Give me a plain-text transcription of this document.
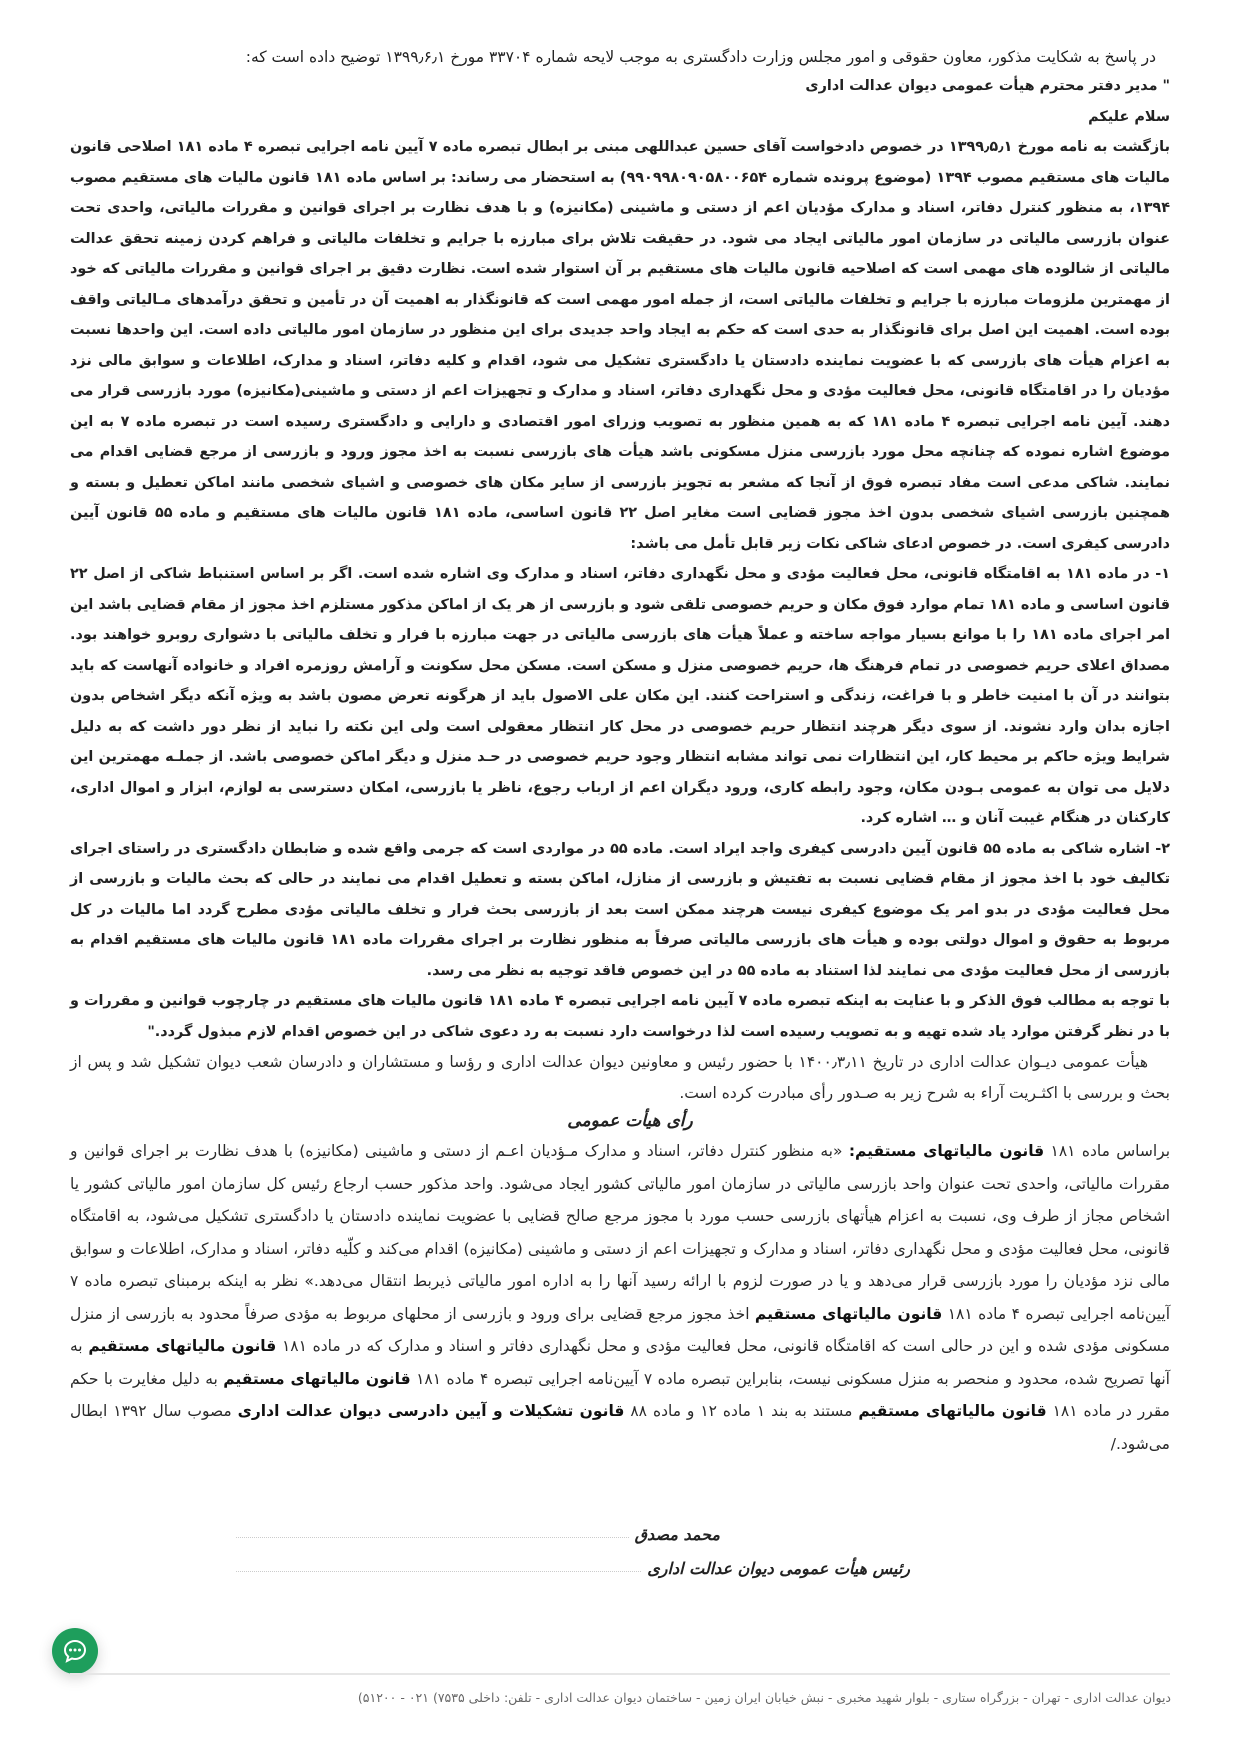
در پاسخ به شکایت مذکور، معاون حقوقی و امور مجلس وزارت دادگستری به موجب لایحه شماره ۳۳۷۰۴ مورخ ۱۳۹۹٫۶٫۱ توضیح داده است که:

" مدیر دفتر محترم هیأت عمومی دیوان عدالت اداری

سلام علیکم

بازگشت به نامه مورخ ۱۳۹۹٫۵٫۱ در خصوص دادخواست آقای حسین عبداللهی مبنی بر ابطال تبصره ماده ۷ آیین نامه اجرایی تبصره ۴ ماده ۱۸۱ اصلاحی قانون مالیات های مستقیم مصوب ۱۳۹۴ (موضوع پرونده شماره ۹۹۰۹۹۸۰۹۰۵۸۰۰۶۵۴) به استحضار می رساند: بر اساس ماده ۱۸۱ قانون مالیات های مستقیم مصوب ۱۳۹۴، به منظور کنترل دفاتر، اسناد و مدارک مؤدیان اعم از دستی و ماشینی (مکانیزه) و با هدف نظارت بر اجرای قوانین و مقررات مالیاتی، واحدی تحت عنوان بازرسی مالیاتی در سازمان امور مالیاتی ایجاد می شود. در حقیقت تلاش برای مبارزه با جرایم و تخلفات مالیاتی و فراهم کردن زمینه تحقق عدالت مالیاتی از شالوده های مهمی است که اصلاحیه قانون مالیات های مستقیم بر آن استوار شده است. نظارت دقیق بر اجرای قوانین و مقررات مالیاتی که خود از مهمترین ملزومات مبارزه با جرایم و تخلفات مالیاتی است، از جمله امور مهمی است که قانونگذار به اهمیت آن در تأمین و تحقق درآمدهای مـالیاتی واقف بوده است. اهمیت این اصل برای قانونگذار به حدی است که حکم به ایجاد واحد جدیدی برای این منظور در سازمان امور مالیاتی داده است. این واحدها نسبت به اعزام هیأت های بازرسی که با عضویت نماینده دادستان یا دادگستری تشکیل می شود، اقدام و کلیه دفاتر، اسناد و مدارک، اطلاعات و سوابق مالی نزد مؤدیان را در اقامتگاه قانونی، محل فعالیت مؤدی و محل نگهداری دفاتر، اسناد و مدارک و تجهیزات اعم از دستی و ماشینی(مکانیزه) مورد بازرسی قرار می دهند. آیین نامه اجرایی تبصره ۴ ماده ۱۸۱ که به همین منظور به تصویب وزرای امور اقتصادی و دارایی و دادگستری رسیده است در تبصره ماده ۷ به این موضوع اشاره نموده که چنانچه محل مورد بازرسی منزل مسکونی باشد هیأت های بازرسی نسبت به اخذ مجوز ورود و بازرسی از مرجع قضایی اقدام می نمایند. شاکی مدعی است مفاد تبصره فوق از آنجا که مشعر به تجویز بازرسی از سایر مکان های خصوصی و اشیای شخصی مانند اماکن تعطیل و بسته و همچنین بازرسی اشیای شخصی بدون اخذ مجوز قضایی است مغایر اصل ۲۲ قانون اساسی، ماده ۱۸۱ قانون مالیات های مستقیم و ماده ۵۵ قانون آیین دادرسی کیفری است. در خصوص ادعای شاکی نکات زیر قابل تأمل می باشد:

۱- در ماده ۱۸۱ به اقامتگاه قانونی، محل فعالیت مؤدی و محل نگهداری دفاتر، اسناد و مدارک وی اشاره شده است. اگر بر اساس استنباط شاکی از اصل ۲۲ قانون اساسی و ماده ۱۸۱ تمام موارد فوق مکان و حریم خصوصی تلقی شود و بازرسی از هر یک از اماکن مذکور مستلزم اخذ مجوز از مقام قضایی باشد این امر اجرای ماده ۱۸۱ را با موانع بسیار مواجه ساخته و عملاً هیأت های بازرسی مالیاتی در جهت مبارزه با فرار و تخلف مالیاتی با دشواری روبرو خواهند بود. مصداق اعلای حریم خصوصی در تمام فرهنگ ها، حریم خصوصی منزل و مسکن است. مسکن محل سکونت و آرامش روزمره افراد و خانواده آنهاست که باید بتوانند در آن با امنیت خاطر و با فراغت، زندگی و استراحت کنند. این مکان علی الاصول باید از هرگونه تعرض مصون باشد به ویژه آنکه دیگر اشخاص بدون اجازه بدان وارد نشوند. از سوی دیگر هرچند انتظار حریم خصوصی در محل کار انتظار معقولی است ولی این نکته را نباید از نظر دور داشت که به دلیل شرایط ویژه حاکم بر محیط کار، این انتظارات نمی تواند مشابه انتظار وجود حریم خصوصی در حـد منزل و دیگر اماکن خصوصی باشد. از جملـه مهمترین این دلایل می توان به عمومی بـودن مکان، وجود رابطه کاری، ورود دیگران اعم از ارباب رجوع، ناظر یا بازرسی، امکان دسترسی به لوازم، ابزار و اموال اداری، کارکنان در هنگام غیبت آنان و … اشاره کرد.

۲- اشاره شاکی به ماده ۵۵ قانون آیین دادرسی کیفری واجد ایراد است. ماده ۵۵ در مواردی است که جرمی واقع شده و ضابطان دادگستری در راستای اجرای تکالیف خود با اخذ مجوز از مقام قضایی نسبت به تفتیش و بازرسی از منازل، اماکن بسته و تعطیل اقدام می نمایند در حالی که بحث مالیات و بازرسی از محل فعالیت مؤدی در بدو امر یک موضوع کیفری نیست هرچند ممکن است بعد از بازرسی بحث فرار و تخلف مالیاتی مؤدی مطرح گردد اما مالیات در کل مربوط به حقوق و اموال دولتی بوده و هیأت های بازرسی مالیاتی صرفاً به منظور نظارت بر اجرای مقررات ماده ۱۸۱ قانون مالیات های مستقیم اقدام به بازرسی از محل فعالیت مؤدی می نمایند لذا استناد به ماده ۵۵ در این خصوص فاقد توجیه به نظر می رسد.

با توجه به مطالب فوق الذکر و با عنایت به اینکه تبصره ماده ۷ آیین نامه اجرایی تبصره ۴ ماده ۱۸۱ قانون مالیات های مستقیم در چارچوب قوانین و مقررات و با در نظر گرفتن موارد یاد شده تهیه و به تصویب رسیده است لذا درخواست دارد نسبت به رد دعوی شاکی در این خصوص اقدام لازم مبذول گردد."

هیأت عمومی دیـوان عدالت اداری در تاریخ ۱۴۰۰٫۳٫۱۱ با حضور رئیس و معاونین دیوان عدالت اداری و رؤسا و مستشاران و دادرسان شعب دیوان تشکیل شد و پس از بحث و بررسی با اکثـریت آراء به شرح زیر به صـدور رأی مبادرت کرده است.

رأی هیأت عمومی

براساس ماده ۱۸۱ قانون مالیاتهای مستقیم: «به منظور کنترل دفاتر، اسناد و مدارک مـؤدیان اعـم از دستی و ماشینی (مکانیزه) با هدف نظارت بر اجرای قوانین و مقررات مالیاتی، واحدی تحت عنوان واحد بازرسی مالیاتی در سازمان امور مالیاتی کشور ایجاد می‌شود. واحد مذکور حسب ارجاع رئیس کل سازمان امور مالیاتی کشور یا اشخاص مجاز از طرف وی، نسبت به اعزام هیأتهای بازرسی حسب مورد با مجوز مرجع صالح قضایی با عضویت نماینده دادستان یا دادگستری تشکیل می‌شود، به اقامتگاه قانونی، محل فعالیت مؤدی و محل نگهداری دفاتر، اسناد و مدارک و تجهیزات اعم از دستی و ماشینی (مکانیزه) اقدام می‌کند و کلّیه دفاتر، اسناد و مدارک، اطلاعات و سوابق مالی نزد مؤدیان را مورد بازرسی قرار می‌دهد و یا در صورت لزوم با ارائه رسید آنها را به اداره امور مالیاتی ذیربط انتقال می‌دهد.» نظر به اینکه برمبنای تبصره ماده ۷ آیین‌نامه اجرایی تبصره ۴ ماده ۱۸۱ قانون مالیاتهای مستقیم اخذ مجوز مرجع قضایی برای ورود و بازرسی از محلهای مربوط به مؤدی صرفاً محدود به بازرسی از منزل مسکونی مؤدی شده و این در حالی است که اقامتگاه قانونی، محل فعالیت مؤدی و محل نگهداری دفاتر و اسناد و مدارک که در ماده ۱۸۱ قانون مالیاتهای مستقیم به آنها تصریح شده، محدود و منحصر به منزل مسکونی نیست، بنابراین تبصره ماده ۷ آیین‌نامه اجرایی تبصره ۴ ماده ۱۸۱ قانون مالیاتهای مستقیم به دلیل مغایرت با حکم مقرر در ماده ۱۸۱ قانون مالیاتهای مستقیم مستند به بند ۱ ماده ۱۲ و ماده ۸۸ قانون تشکیلات و آیین دادرسی دیوان عدالت اداری مصوب سال ۱۳۹۲ ابطال می‌شود./

محمد مصدق
رئیس هیأت عمومی دیوان عدالت اداری
دیوان عدالت اداری - تهران - بزرگراه ستاری - بلوار شهید مخبری - نبش خیابان ایران زمین - ساختمان دیوان عدالت اداری - تلفن: داخلی ۷۵۳۵) ۰۲۱ - ۵۱۲۰۰)
